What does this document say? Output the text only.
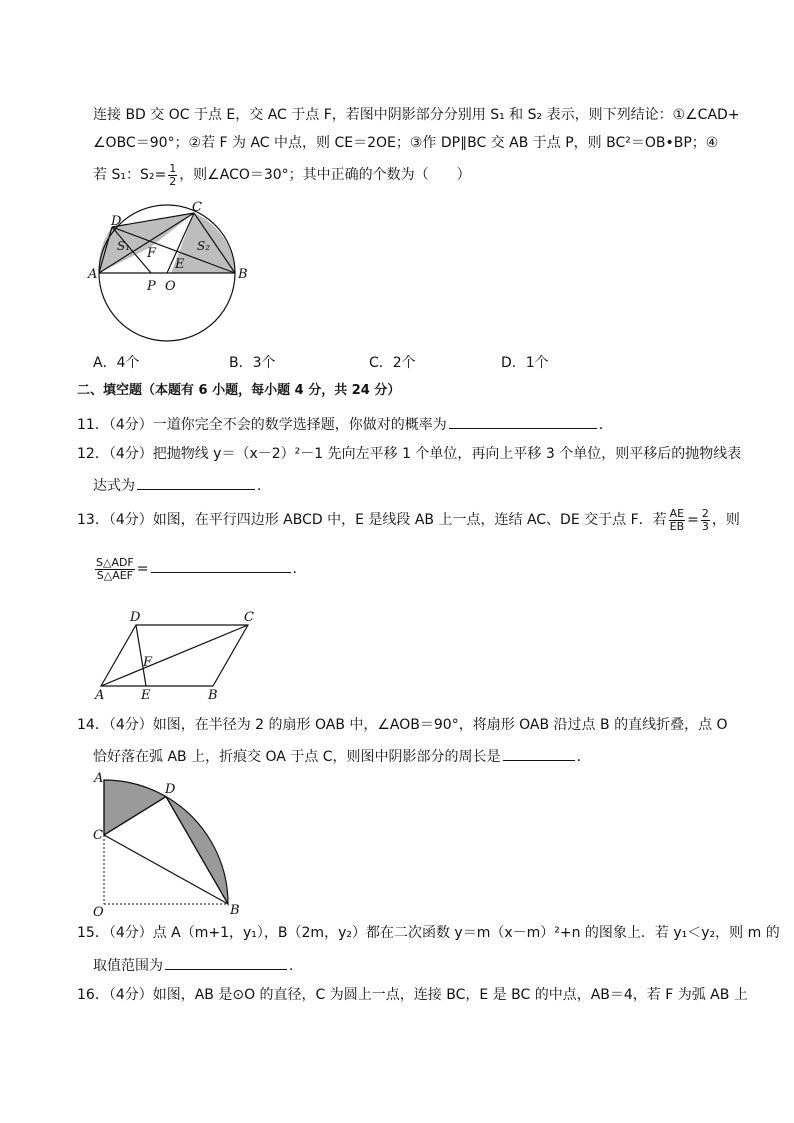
连接 BD 交 OC 于点 E，交 AC 于点 F，若图中阴影部分分别用 S₁ 和 S₂ 表示，则下列结论：①∠CAD+
∠OBC＝90°；②若 F 为 AC 中点，则 CE＝2OE；③作 DP∥BC 交 AB 于点 P，则 BC²＝OB•BP；④
若 S₁：$S_2= \frac{1}{2}$ ，则∠ACO＝30°；其中正确的个数为（　　）
D
C
A	B
F
E
P O
S₁	S₂
A．4个	B．3个	C．2个	D．1个
二、填空题（本题有 6 小题，每小题 4 分，共 24 分）
11．（4分）一道你完全不会的数学选择题，你做对的概率为	．
12．（4分）把抛物线 y＝（x－2）²－1 先向左平移 1 个单位，再向上平移 3 个单位，则平移后的抛物线表
达式为	．
13．（4分）如图，在平行四边形 ABCD 中，E 是线段 AB 上一点，连结 AC、DE 交于点 F．若 $\frac{AE}{EB} = \frac{2}{3}$ ，则
$\frac{\text{S△ADF}}{\text{S△AEF}}$ =	．
D	C
A	E	B
F
14．（4分）如图，在半径为 2 的扇形 OAB 中，∠AOB＝90°，将扇形 OAB 沿过点 B 的直线折叠，点 O
恰好落在弧 AB 上，折痕交 OA 于点 C，则图中阴影部分的周长是	．
A
D
C
O	B
15．（4分）点 A（m+1，y₁），B（2m，y₂）都在二次函数 y＝m（x－m）²+n 的图象上．若 y₁＜y₂，则 m 的
取值范围为	．
16．（4分）如图，AB 是⊙O 的直径，C 为圆上一点，连接 BC，E 是 BC 的中点，AB＝4，若 F 为弧 AB 上
